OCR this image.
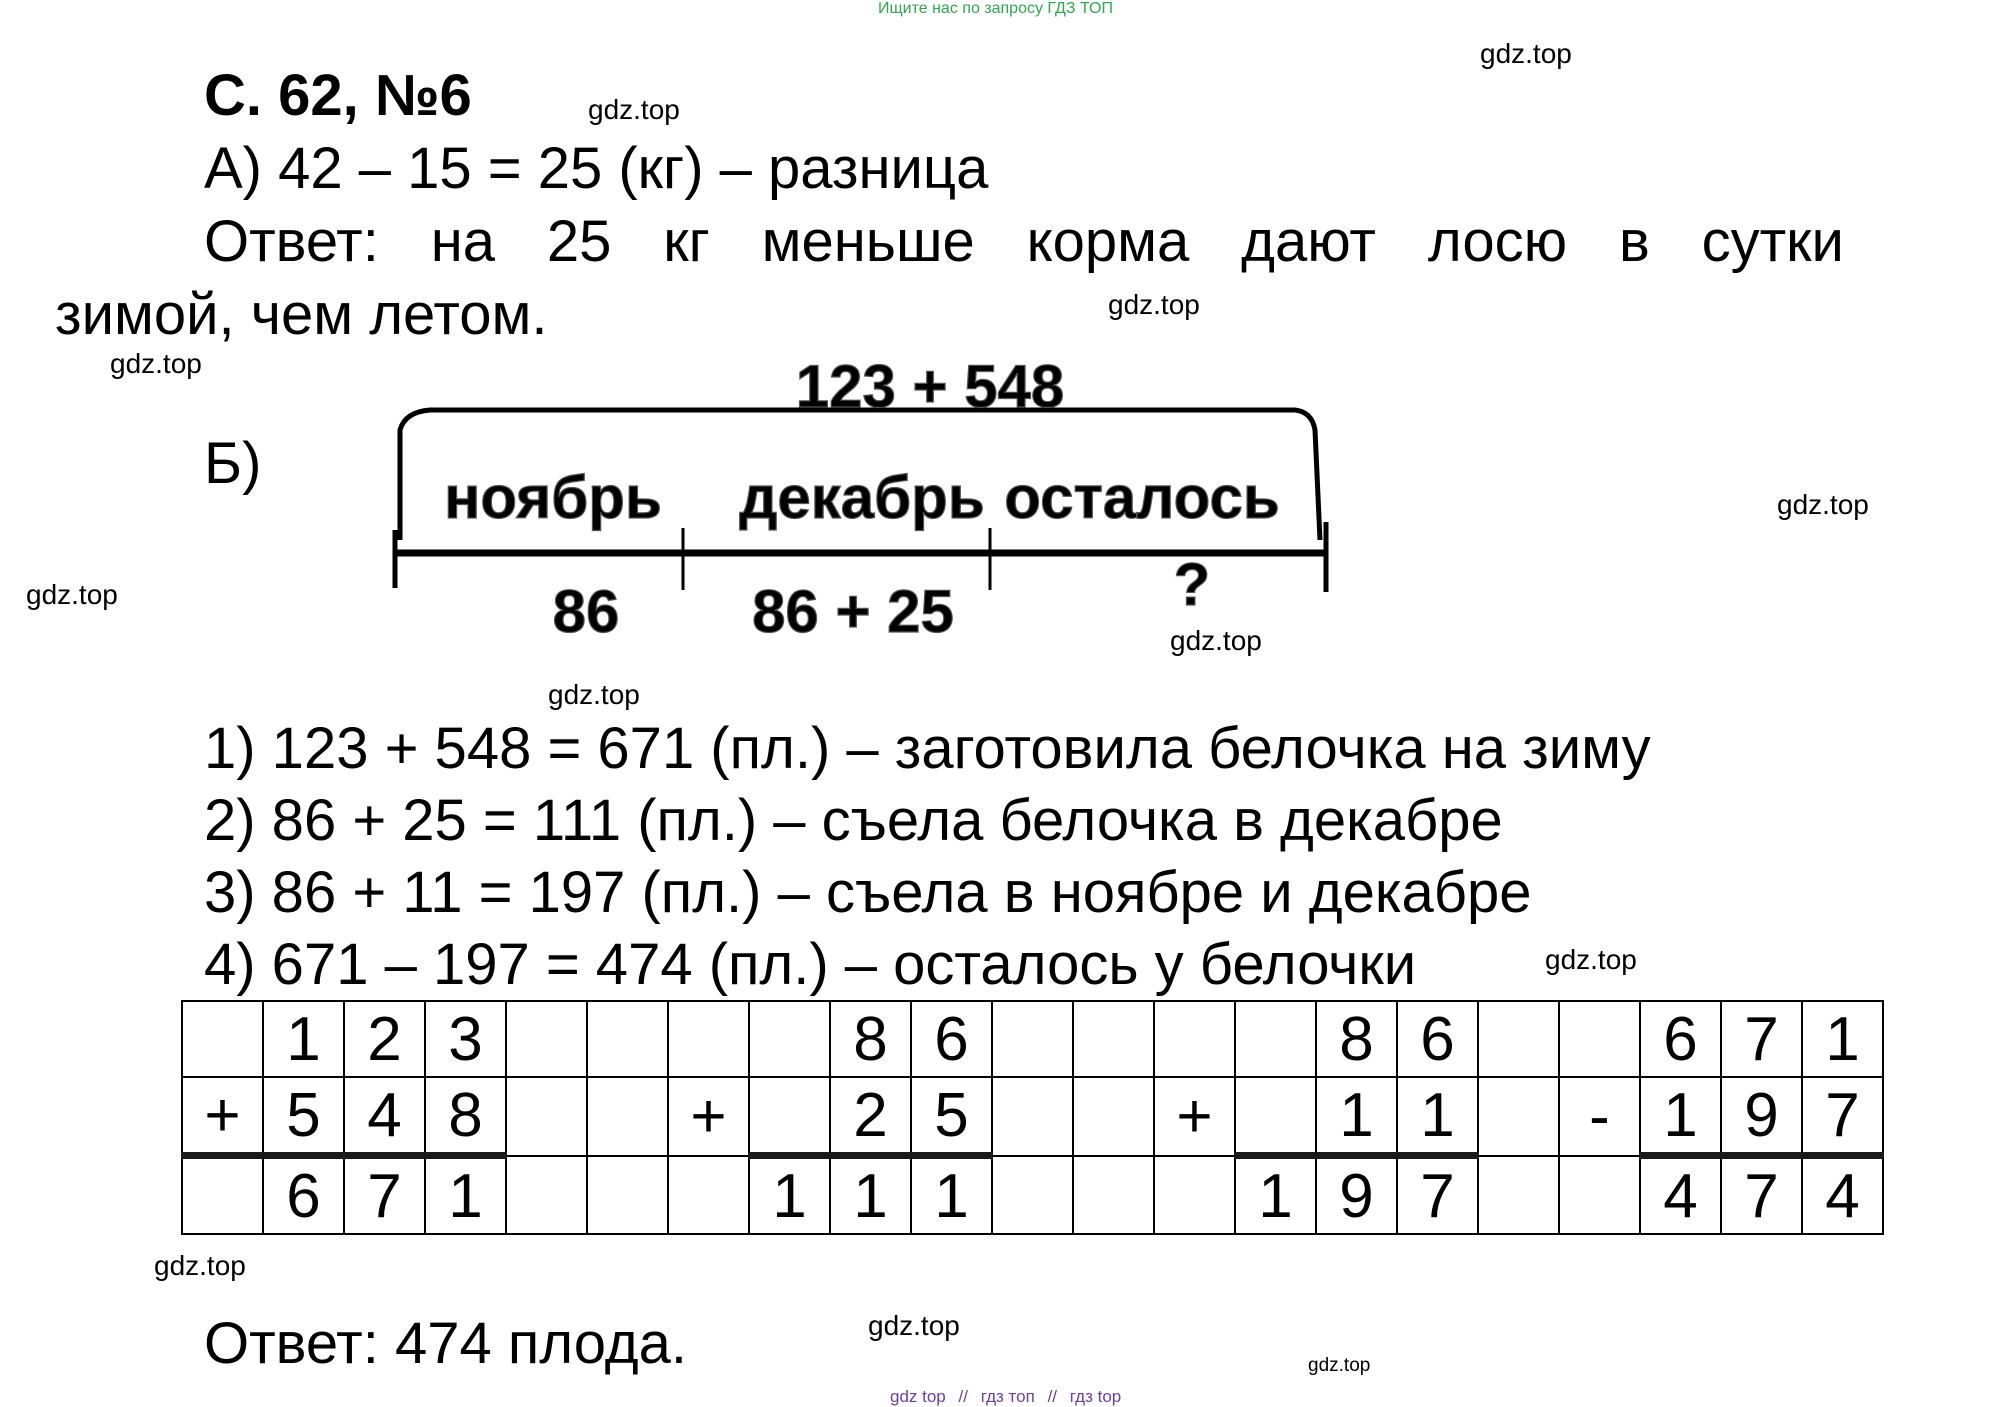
Ищите нас по запросу ГДЗ ТОП
С. 62, №6
А) 42 – 15 = 25 (кг) – разница
Ответ: на 25 кг меньше корма дают лосю в сутки
зимой, чем летом.
Б)
123 + 548
ноябрь декабрь осталось
86 86 + 25	?
1) 123 + 548 = 671 (пл.) – заготовила белочка на зиму
2) 86 + 25 = 111 (пл.) – съела белочка в декабре
3) 86 + 11 = 197 (пл.) – съела в ноябре и декабре
4) 671 – 197 = 474 (пл.) – осталось у белочки
	1	2	3					8	6					8	6			6	7	1
+	5	4	8			+		2	5			+		1	1		-	1	9	7
	6	7	1				1	1	1				1	9	7			4	7	4
Ответ: 474 плода.
gdz.top
gdz.top
gdz.top
gdz.top
gdz.top
gdz.top
gdz.top
gdz.top
gdz.top
gdz.top
gdz.top
gdz.top
gdz top // гдз топ // гдз top
